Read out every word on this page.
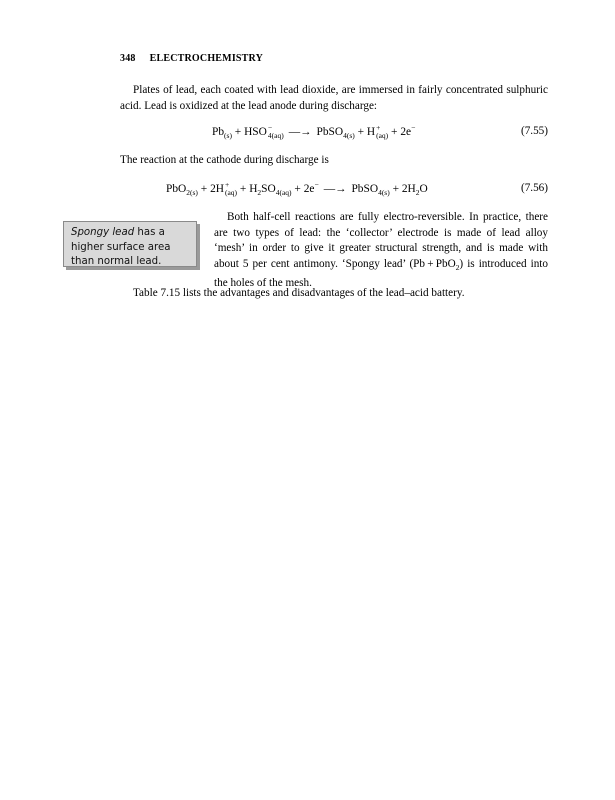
348 ELECTROCHEMISTRY
Plates of lead, each coated with lead dioxide, are immersed in fairly concentrated sulphuric acid. Lead is oxidized at the lead anode during discharge:
$Pb_{(s)}$ + HSO −
4(aq) —→ PbSO$_{4(s)}$ + H +
(aq) + 2e−	(7.55)
The reaction at the cathode during discharge is
PbO$_{2(s)}$ + 2H +
$(aq) + H_2SO_{4(aq)} + 2e^-$ —→ PbSO$_{4(s)}$ + $2H_2O$	(7.56)
Spongy lead has a
higher surface area
than normal lead.
Both half-cell reactions are fully electro-reversible. In practice, there are two types of lead: the ‘collector’ electrode is made of lead alloy ‘mesh’ in order to give it greater structural strength, and is made with about 5 per cent antimony. ‘Spongy lead’ (Pb + PbO$_2$) is introduced into the holes of the mesh.
Table 7.15 lists the advantages and disadvantages of the lead–acid battery.
